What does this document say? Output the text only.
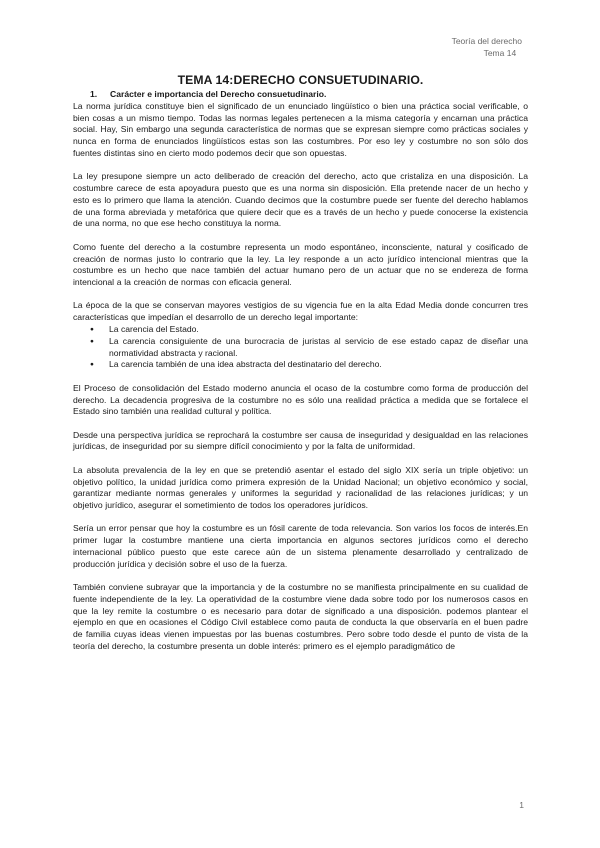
Teoría del derecho
Tema 14
TEMA 14:DERECHO CONSUETUDINARIO.
1. Carácter e importancia del Derecho consuetudinario.

La norma jurídica constituye bien el significado de un enunciado lingüístico o bien una práctica social verificable, o bien cosas a un mismo tiempo. Todas las normas legales pertenecen a la misma categoría y encarnan una práctica social. Hay, Sin embargo una segunda característica de normas que se expresan siempre como prácticas sociales y nunca en forma de enunciados lingüísticos estas son las costumbres. Por eso ley y costumbre no son sólo dos fuentes distintas sino en cierto modo podemos decir que son opuestas.

La ley presupone siempre un acto deliberado de creación del derecho, acto que cristaliza en una disposición. La costumbre carece de esta apoyadura puesto que es una norma sin disposición. Ella pretende nacer de un hecho y esto es lo primero que llama la atención. Cuando decimos que la costumbre puede ser fuente del derecho hablamos de una forma abreviada y metafórica que quiere decir que es a través de un hecho y puede conocerse la existencia de una norma, no que ese hecho constituya la norma.

Como fuente del derecho a la costumbre representa un modo espontáneo, inconsciente, natural y cosificado de creación de normas justo lo contrario que la ley. La ley responde a un acto jurídico intencional mientras que la costumbre es un hecho que nace también del actuar humano pero de un actuar que no se endereza de forma intencional a la creación de normas con eficacia general.

La época de la que se conservan mayores vestigios de su vigencia fue en la alta Edad Media donde concurren tres características que impedían el desarrollo de un derecho legal importante:

● La carencia del Estado.
● La carencia consiguiente de una burocracia de juristas al servicio de ese estado capaz de diseñar una normatividad abstracta y racional.
● La carencia también de una idea abstracta del destinatario del derecho.

El Proceso de consolidación del Estado moderno anuncia el ocaso de la costumbre como forma de producción del derecho. La decadencia progresiva de la costumbre no es sólo una realidad práctica a medida que se fortalece el Estado sino también una realidad cultural y política.

Desde una perspectiva jurídica se reprochará la costumbre ser causa de inseguridad y desigualdad en las relaciones jurídicas, de inseguridad por su siempre difícil conocimiento y por la falta de uniformidad.

La absoluta prevalencia de la ley en que se pretendió asentar el estado del siglo XIX sería un triple objetivo: un objetivo político, la unidad jurídica como primera expresión de la Unidad Nacional; un objetivo económico y social, garantizar mediante normas generales y uniformes la seguridad y racionalidad de las relaciones jurídicas; y un objetivo jurídico, asegurar el sometimiento de todos los operadores jurídicos.

Sería un error pensar que hoy la costumbre es un fósil carente de toda relevancia. Son varios los focos de interés.En primer lugar la costumbre mantiene una cierta importancia en algunos sectores jurídicos como el derecho internacional público puesto que este carece aún de un sistema plenamente desarrollado y centralizado de producción jurídica y decisión sobre el uso de la fuerza.

También conviene subrayar que la importancia y de la costumbre no se manifiesta principalmente en su cualidad de fuente independiente de la ley. La operatividad de la costumbre viene dada sobre todo por los numerosos casos en que la ley remite la costumbre o es necesario para dotar de significado a una disposición. podemos plantear el ejemplo en que en ocasiones el Código Civil establece como pauta de conducta la que observaría en el buen padre de familia cuyas ideas vienen impuestas por las buenas costumbres. Pero sobre todo desde el punto de vista de la teoría del derecho, la costumbre presenta un doble interés: primero es el ejemplo paradigmático de

1
